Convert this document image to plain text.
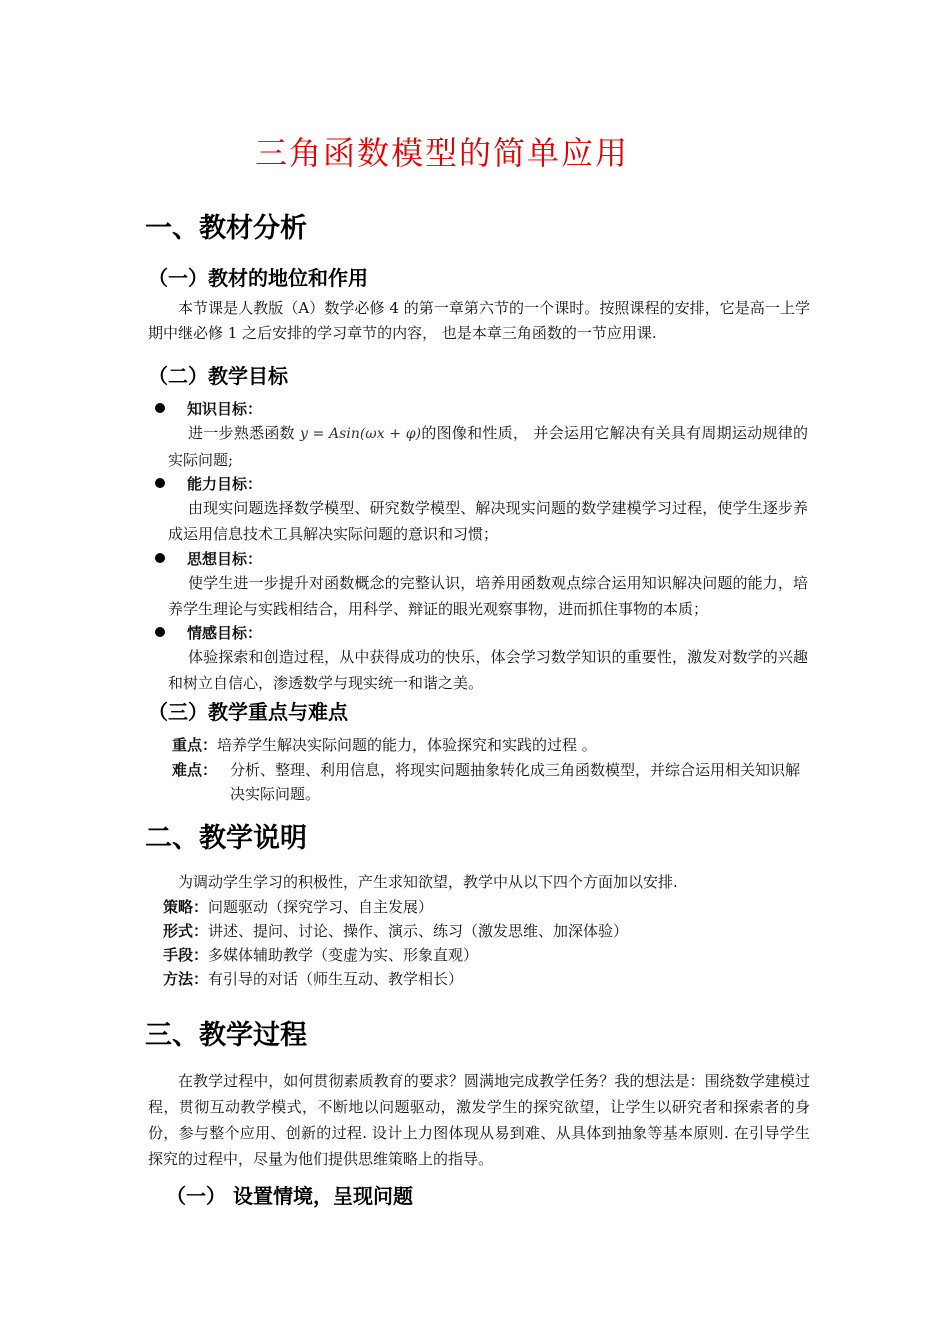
三角函数模型的简单应用
一、教材分析
（一）教材的地位和作用
本节课是人教版（A）数学必修 4 的第一章第六节的一个课时。按照课程的安排，它是高一上学期中继必修 1 之后安排的学习章节的内容， 也是本章三角函数的一节应用课.
（二）教学目标
知识目标：
进一步熟悉函数 y = Asin(ωx + φ)的图像和性质， 并会运用它解决有关具有周期运动规律的实际问题;
能力目标：
由现实问题选择数学模型、研究数学模型、解决现实问题的数学建模学习过程，使学生逐步养成运用信息技术工具解决实际问题的意识和习惯；
思想目标：
使学生进一步提升对函数概念的完整认识，培养用函数观点综合运用知识解决问题的能力，培养学生理论与实践相结合，用科学、辩证的眼光观察事物，进而抓住事物的本质；
情感目标：
体验探索和创造过程，从中获得成功的快乐，体会学习数学知识的重要性，激发对数学的兴趣和树立自信心，渗透数学与现实统一和谐之美。
（三）教学重点与难点
重点：培养学生解决实际问题的能力，体验探究和实践的过程 。
难点： 分析、整理、利用信息，将现实问题抽象转化成三角函数模型，并综合运用相关知识解决实际问题。
二、教学说明
为调动学生学习的积极性，产生求知欲望，教学中从以下四个方面加以安排.
策略：问题驱动（探究学习、自主发展）
形式：讲述、提问、讨论、操作、演示、练习（激发思维、加深体验）
手段：多媒体辅助教学（变虚为实、形象直观）
方法：有引导的对话（师生互动、教学相长）
三、教学过程
在教学过程中，如何贯彻素质教育的要求？圆满地完成教学任务？我的想法是：围绕数学建模过程，贯彻互动教学模式，不断地以问题驱动，激发学生的探究欲望，让学生以研究者和探索者的身份，参与整个应用、创新的过程. 设计上力图体现从易到难、从具体到抽象等基本原则. 在引导学生探究的过程中，尽量为他们提供思维策略上的指导。
（一） 设置情境，呈现问题
